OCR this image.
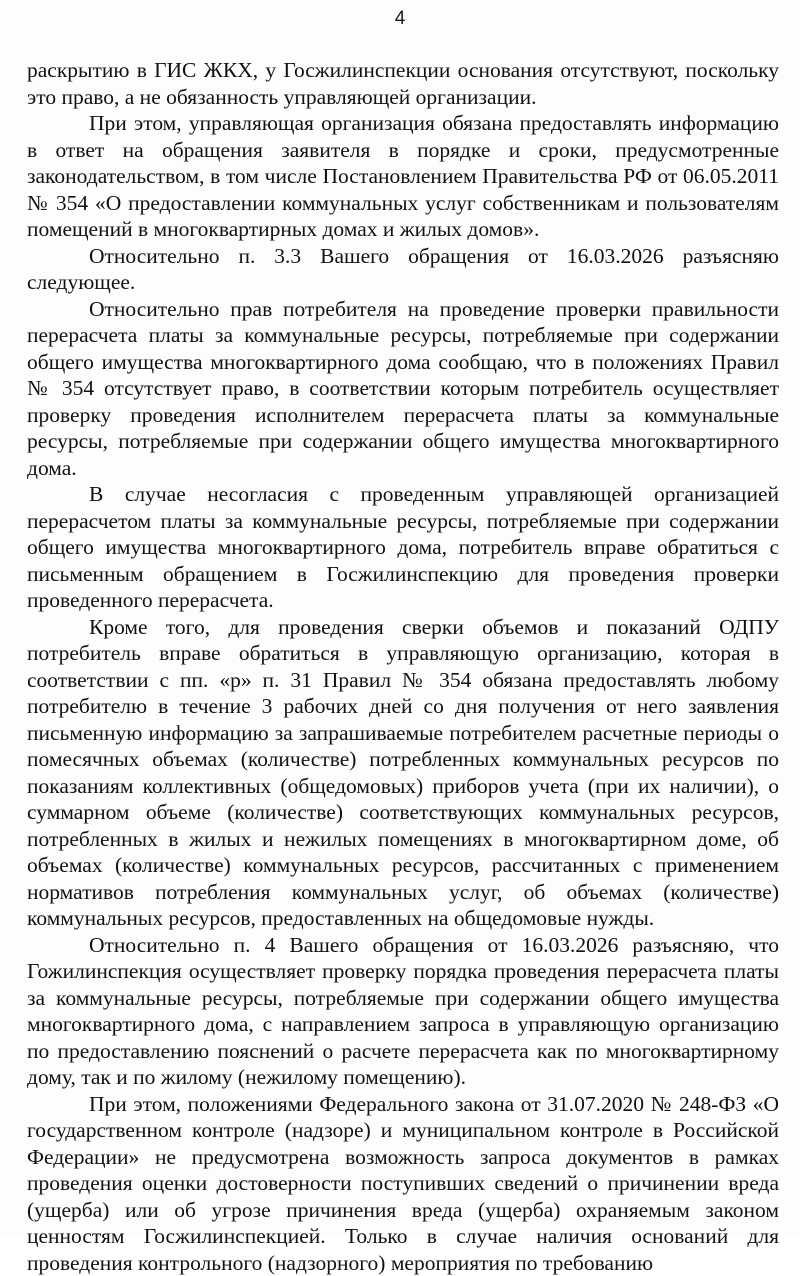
4

раскрытию в ГИС ЖКХ, у Госжилинспекции основания отсутствуют, поскольку это право, а не обязанность управляющей организации.

При этом, управляющая организация обязана предоставлять информацию в ответ на обращения заявителя в порядке и сроки, предусмотренные законодательством, в том числе Постановлением Правительства РФ от 06.05.2011 № 354 «О предоставлении коммунальных услуг собственникам и пользователям помещений в многоквартирных домах и жилых домов».

Относительно п. 3.3 Вашего обращения от 16.03.2026 разъясняю следующее.

Относительно прав потребителя на проведение проверки правильности перерасчета платы за коммунальные ресурсы, потребляемые при содержании общего имущества многоквартирного дома сообщаю, что в положениях Правил № 354 отсутствует право, в соответствии которым потребитель осуществляет проверку проведения исполнителем перерасчета платы за коммунальные ресурсы, потребляемые при содержании общего имущества многоквартирного дома.

В случае несогласия с проведенным управляющей организацией перерасчетом платы за коммунальные ресурсы, потребляемые при содержании общего имущества многоквартирного дома, потребитель вправе обратиться с письменным обращением в Госжилинспекцию для проведения проверки проведенного перерасчета.

Кроме того, для проведения сверки объемов и показаний ОДПУ потребитель вправе обратиться в управляющую организацию, которая в соответствии с пп. «р» п. 31 Правил № 354 обязана предоставлять любому потребителю в течение 3 рабочих дней со дня получения от него заявления письменную информацию за запрашиваемые потребителем расчетные периоды о помесячных объемах (количестве) потребленных коммунальных ресурсов по показаниям коллективных (общедомовых) приборов учета (при их наличии), о суммарном объеме (количестве) соответствующих коммунальных ресурсов, потребленных в жилых и нежилых помещениях в многоквартирном доме, об объемах (количестве) коммунальных ресурсов, рассчитанных с применением нормативов потребления коммунальных услуг, об объемах (количестве) коммунальных ресурсов, предоставленных на общедомовые нужды.

Относительно п. 4 Вашего обращения от 16.03.2026 разъясняю, что Гожилинспекция осуществляет проверку порядка проведения перерасчета платы за коммунальные ресурсы, потребляемые при содержании общего имущества многоквартирного дома, с направлением запроса в управляющую организацию по предоставлению пояснений о расчете перерасчета как по многоквартирному дому, так и по жилому (нежилому помещению).

При этом, положениями Федерального закона от 31.07.2020 № 248-ФЗ «О государственном контроле (надзоре) и муниципальном контроле в Российской Федерации» не предусмотрена возможность запроса документов в рамках проведения оценки достоверности поступивших сведений о причинении вреда (ущерба) или об угрозе причинения вреда (ущерба) охраняемым законом ценностям Госжилинспекцией. Только в случае наличия оснований для проведения контрольного (надзорного) мероприятия по требованию
